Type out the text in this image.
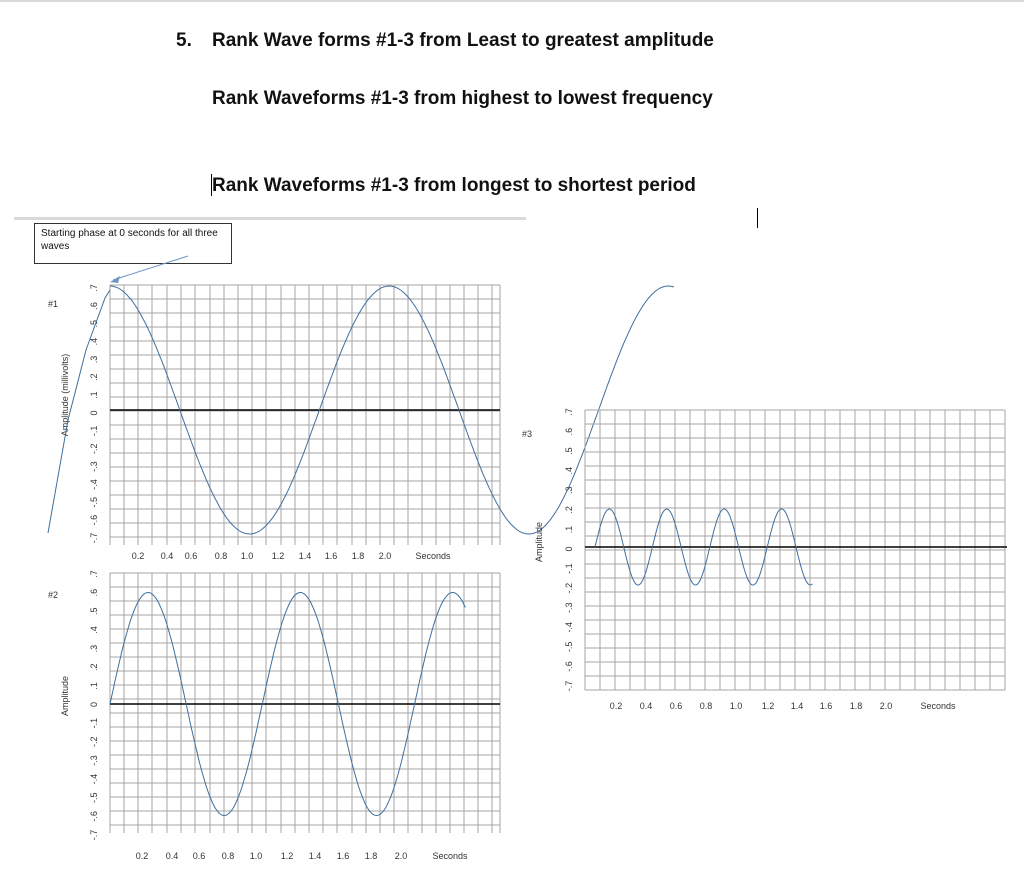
5. Rank Wave forms #1-3 from Least to greatest amplitude
Rank Waveforms #1-3 from highest to lowest frequency
Rank Waveforms #1-3 from longest to shortest period
Starting phase at 0 seconds for all three waves
0.2 0.4 0.6 0.8 1.0 1.2 1.4 1.6 1.8 2.0	Seconds
-.7
-.6
-.5
-.4
-.3
-.2
-.1
0
.1
.2
.3
.4
.5
.6
.7
#1
Amplitude (millivolts)
0.2 0.4 0.6 0.8 1.0 1.2 1.4 1.6 1.8 2.0	Seconds
-.7
-.6
-.5
-.4
-.3
-.2
-.1
0
.1
.2
.3
.4
.5
.6
.7
#2
Amplitude	0.2 0.4 0.6 0.8 1.0 1.2 1.4 1.6 1.8 2.0	Seconds
-.7
-.6
-.5
-.4
-.3
-.2
-.1
0
.1
.2
.3
.4
.5
.6
.7
#3
Amplitude
